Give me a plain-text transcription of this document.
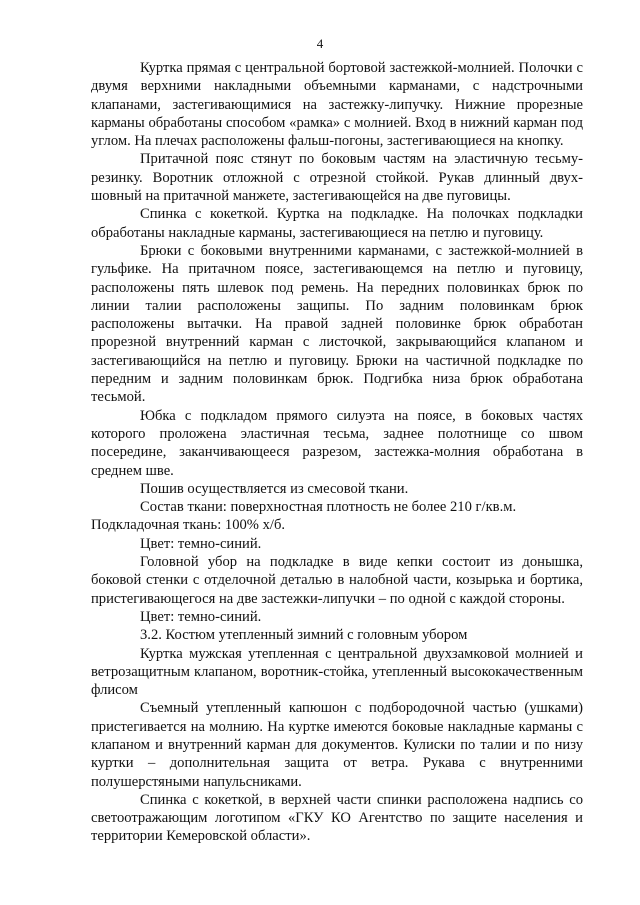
4

Куртка прямая с центральной бортовой застежкой-молнией. Полочки с двумя верхними накладными объемными карманами, с надстрочными клапанами, застегивающимися на застежку-липучку. Нижние прорезные карманы обработаны способом «рамка» с молнией. Вход в нижний карман под углом. На плечах расположены фальш-погоны, застегивающиеся на кнопку.

Притачной пояс стянут по боковым частям на эластичную тесьму-резинку. Воротник отложной с отрезной стойкой. Рукав длинный двух-шовный на притачной манжете, застегивающейся на две пуговицы.

Спинка с кокеткой. Куртка на подкладке. На полочках подкладки обработаны накладные карманы, застегивающиеся на петлю и пуговицу.

Брюки с боковыми внутренними карманами, с застежкой-молнией в гульфике. На притачном поясе, застегивающемся на петлю и пуговицу, расположены пять шлевок под ремень. На передних половинках брюк по линии талии расположены защипы. По задним половинкам брюк расположены вытачки. На правой задней половинке брюк обработан прорезной внутренний карман с листочкой, закрывающийся клапаном и застегивающийся на петлю и пуговицу. Брюки на частичной подкладке по передним и задним половинкам брюк. Подгибка низа брюк обработана тесьмой.

Юбка с подкладом прямого силуэта на поясе, в боковых частях которого проложена эластичная тесьма, заднее полотнище со швом посередине, заканчивающееся разрезом, застежка-молния обработана в среднем шве.

Пошив осуществляется из смесовой ткани.

Состав ткани: поверхностная плотность не более 210 г/кв.м.

Подкладочная ткань: 100% х/б.

Цвет: темно-синий.

Головной убор на подкладке в виде кепки состоит из донышка, боковой стенки с отделочной деталью в налобной части, козырька и бортика, пристегивающегося на две застежки-липучки – по одной с каждой стороны.

Цвет: темно-синий.

3.2. Костюм утепленный зимний с головным убором

Куртка мужская утепленная с центральной двухзамковой молнией и ветрозащитным клапаном, воротник-стойка, утепленный высококачественным флисом

Съемный утепленный капюшон с подбородочной частью (ушками) пристегивается на молнию. На куртке имеются боковые накладные карманы с клапаном и внутренний карман для документов. Кулиски по талии и по низу куртки – дополнительная защита от ветра. Рукава с внутренними полушерстяными напульсниками.

Спинка с кокеткой, в верхней части спинки расположена надпись со светоотражающим логотипом «ГКУ КО Агентство по защите населения и территории Кемеровской области».
